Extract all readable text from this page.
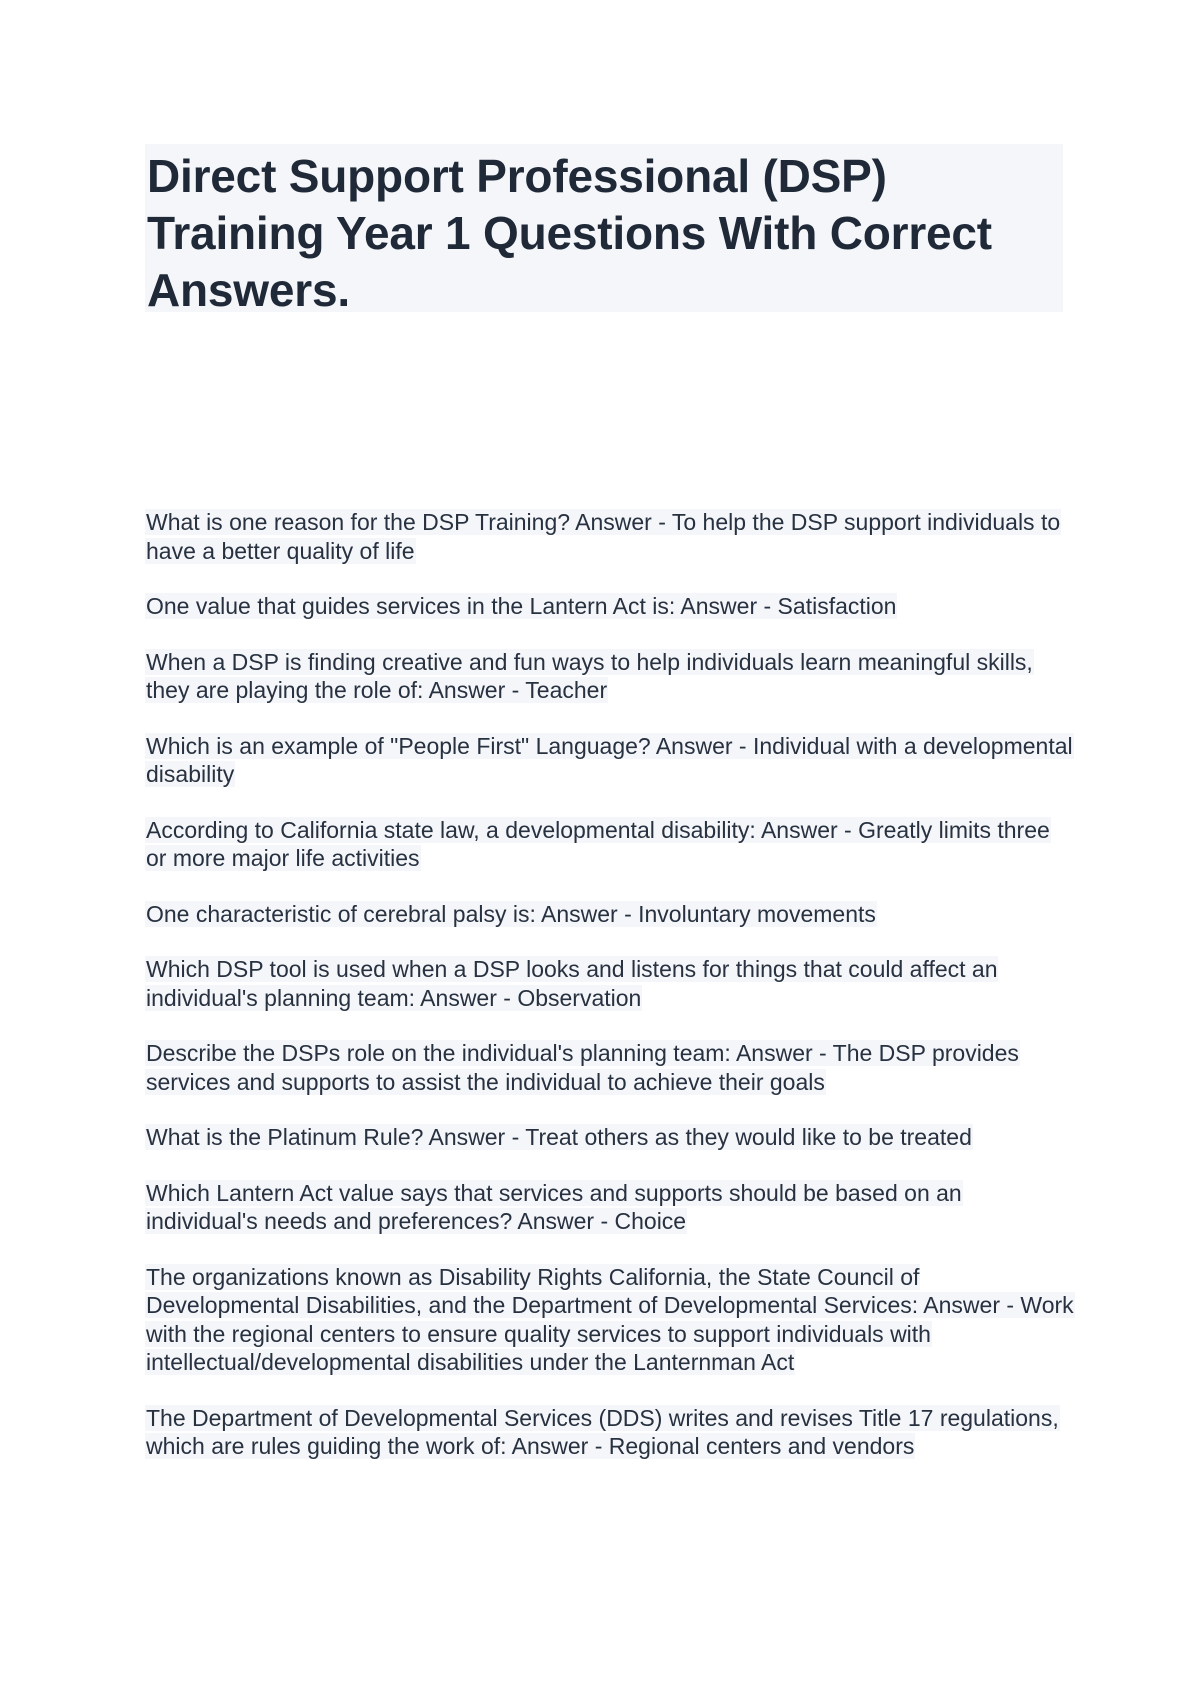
Direct Support Professional (DSP) Training Year 1 Questions With Correct Answers.
What is one reason for the DSP Training? Answer - To help the DSP support individuals to have a better quality of life
One value that guides services in the Lantern Act is: Answer - Satisfaction
When a DSP is finding creative and fun ways to help individuals learn meaningful skills, they are playing the role of: Answer - Teacher
Which is an example of "People First" Language? Answer - Individual with a developmental disability
According to California state law, a developmental disability: Answer - Greatly limits three or more major life activities
One characteristic of cerebral palsy is: Answer - Involuntary movements
Which DSP tool is used when a DSP looks and listens for things that could affect an individual's planning team: Answer - Observation
Describe the DSPs role on the individual's planning team: Answer - The DSP provides services and supports to assist the individual to achieve their goals
What is the Platinum Rule? Answer - Treat others as they would like to be treated
Which Lantern Act value says that services and supports should be based on an individual's needs and preferences? Answer - Choice
The organizations known as Disability Rights California, the State Council of Developmental Disabilities, and the Department of Developmental Services: Answer - Work with the regional centers to ensure quality services to support individuals with intellectual/developmental disabilities under the Lanternman Act
The Department of Developmental Services (DDS) writes and revises Title 17 regulations, which are rules guiding the work of: Answer - Regional centers and vendors
